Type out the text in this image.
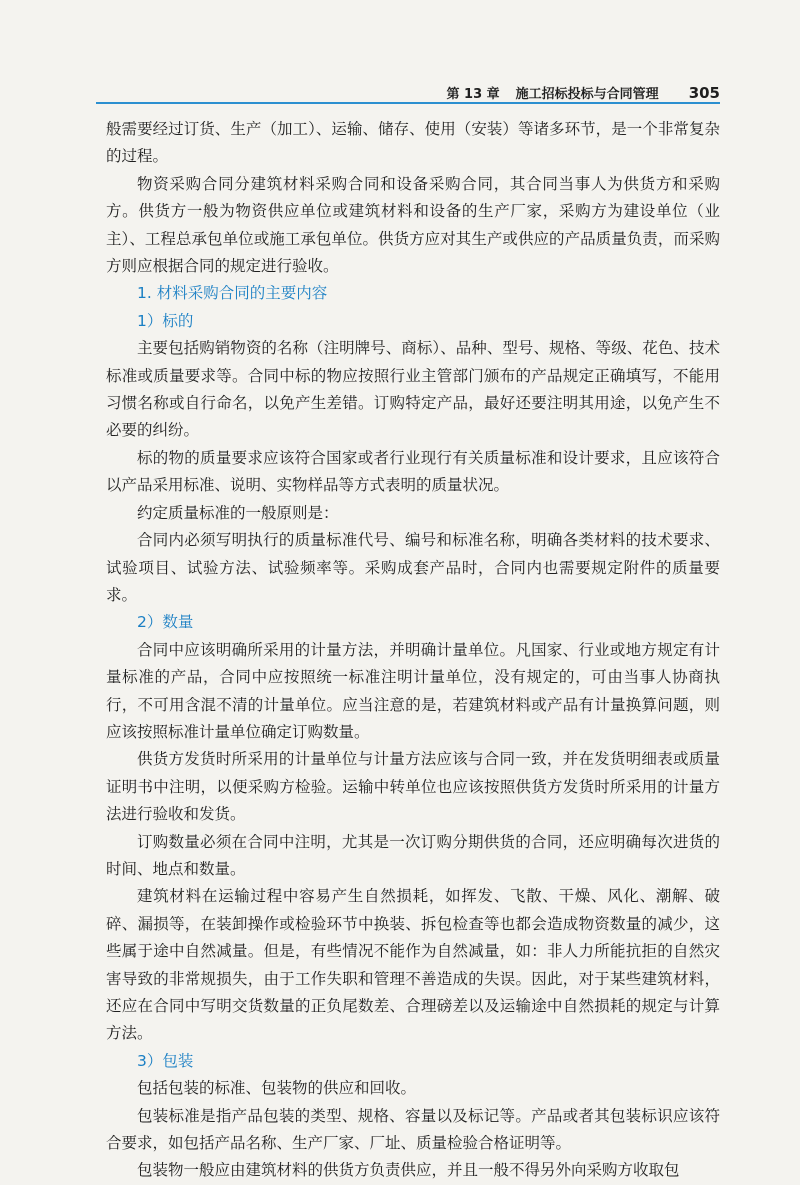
第 13 章 施工招标投标与合同管理 305

般需要经过订货、生产（加工）、运输、储存、使用（安装）等诸多环节，是一个非常复杂的过程。

物资采购合同分建筑材料采购合同和设备采购合同，其合同当事人为供货方和采购方。供货方一般为物资供应单位或建筑材料和设备的生产厂家，采购方为建设单位（业主）、工程总承包单位或施工承包单位。供货方应对其生产或供应的产品质量负责，而采购方则应根据合同的规定进行验收。

1. 材料采购合同的主要内容
1）标的

主要包括购销物资的名称（注明牌号、商标）、品种、型号、规格、等级、花色、技术标准或质量要求等。合同中标的物应按照行业主管部门颁布的产品规定正确填写，不能用习惯名称或自行命名，以免产生差错。订购特定产品，最好还要注明其用途，以免产生不必要的纠纷。

标的物的质量要求应该符合国家或者行业现行有关质量标准和设计要求，且应该符合以产品采用标准、说明、实物样品等方式表明的质量状况。

约定质量标准的一般原则是：

合同内必须写明执行的质量标准代号、编号和标准名称，明确各类材料的技术要求、试验项目、试验方法、试验频率等。采购成套产品时，合同内也需要规定附件的质量要求。

2）数量

合同中应该明确所采用的计量方法，并明确计量单位。凡国家、行业或地方规定有计量标准的产品，合同中应按照统一标准注明计量单位，没有规定的，可由当事人协商执行，不可用含混不清的计量单位。应当注意的是，若建筑材料或产品有计量换算问题，则应该按照标准计量单位确定订购数量。

供货方发货时所采用的计量单位与计量方法应该与合同一致，并在发货明细表或质量证明书中注明，以便采购方检验。运输中转单位也应该按照供货方发货时所采用的计量方法进行验收和发货。

订购数量必须在合同中注明，尤其是一次订购分期供货的合同，还应明确每次进货的时间、地点和数量。

建筑材料在运输过程中容易产生自然损耗，如挥发、飞散、干燥、风化、潮解、破碎、漏损等，在装卸操作或检验环节中换装、拆包检查等也都会造成物资数量的减少，这些属于途中自然减量。但是，有些情况不能作为自然减量，如：非人力所能抗拒的自然灾害导致的非常规损失，由于工作失职和管理不善造成的失误。因此，对于某些建筑材料，还应在合同中写明交货数量的正负尾数差、合理磅差以及运输途中自然损耗的规定与计算方法。

3）包装

包括包装的标准、包装物的供应和回收。

包装标准是指产品包装的类型、规格、容量以及标记等。产品或者其包装标识应该符合要求，如包括产品名称、生产厂家、厂址、质量检验合格证明等。

包装物一般应由建筑材料的供货方负责供应，并且一般不得另外向采购方收取包
